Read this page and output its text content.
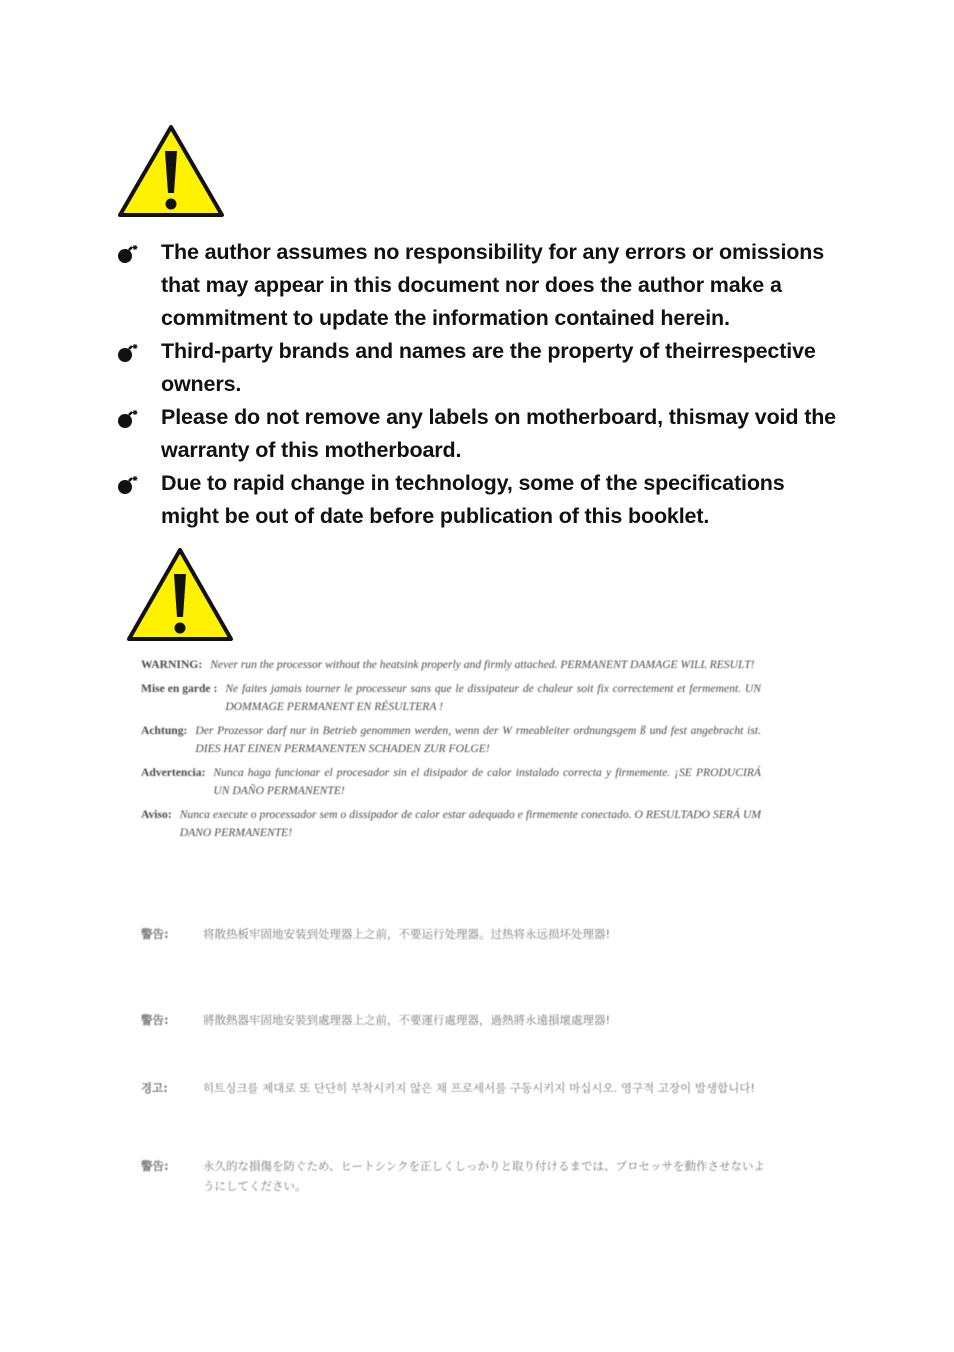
The author assumes no responsibility for any errors or omissions that may appear in this document nor does the author make a commitment to update the information contained herein.
Third-party brands and names are the property of theirrespective owners.
Please do not remove any labels on motherboard, thismay void the warranty of this motherboard.
Due to rapid change in technology, some of the specifications might be out of date before publication of this booklet.
WARNING: Never run the processor without the heatsink properly and firmly attached. PERMANENT DAMAGE WILL RESULT!
Mise en garde : Ne faites jamais tourner le processeur sans que le dissipateur de chaleur soit fix correctement et fermement. UN DOMMAGE PERMANENT EN RÉSULTERA !
Achtung: Der Prozessor darf nur in Betrieb genommen werden, wenn der W rmeableiter ordnungsgem ß und fest angebracht ist. DIES HAT EINEN PERMANENTEN SCHADEN ZUR FOLGE!
Advertencia: Nunca haga funcionar el procesador sin el disipador de calor instalado correcta y firmemente. ¡SE PRODUCIRÁ UN DAÑO PERMANENTE!
Aviso: Nunca execute o processador sem o dissipador de calor estar adequado e firmemente conectado. O RESULTADO SERÁ UM DANO PERMANENTE!
警告:	将散热板牢固地安装到处理器上之前，不要运行处理器。过热将永远损坏处理器!
警告:	將散熱器牢固地安裝到處理器上之前，不要運行處理器，過熱將永遠損壞處理器!
경고:	히트싱크를 제대로 또 단단히 부착시키지 않은 채 프로세서를 구동시키지 마십시오. 영구적 고장이 발생합니다!
警告:	永久的な損傷を防ぐため、ヒートシンクを正しくしっかりと取り付けるまでは、プロセッサを動作させないようにしてください。
